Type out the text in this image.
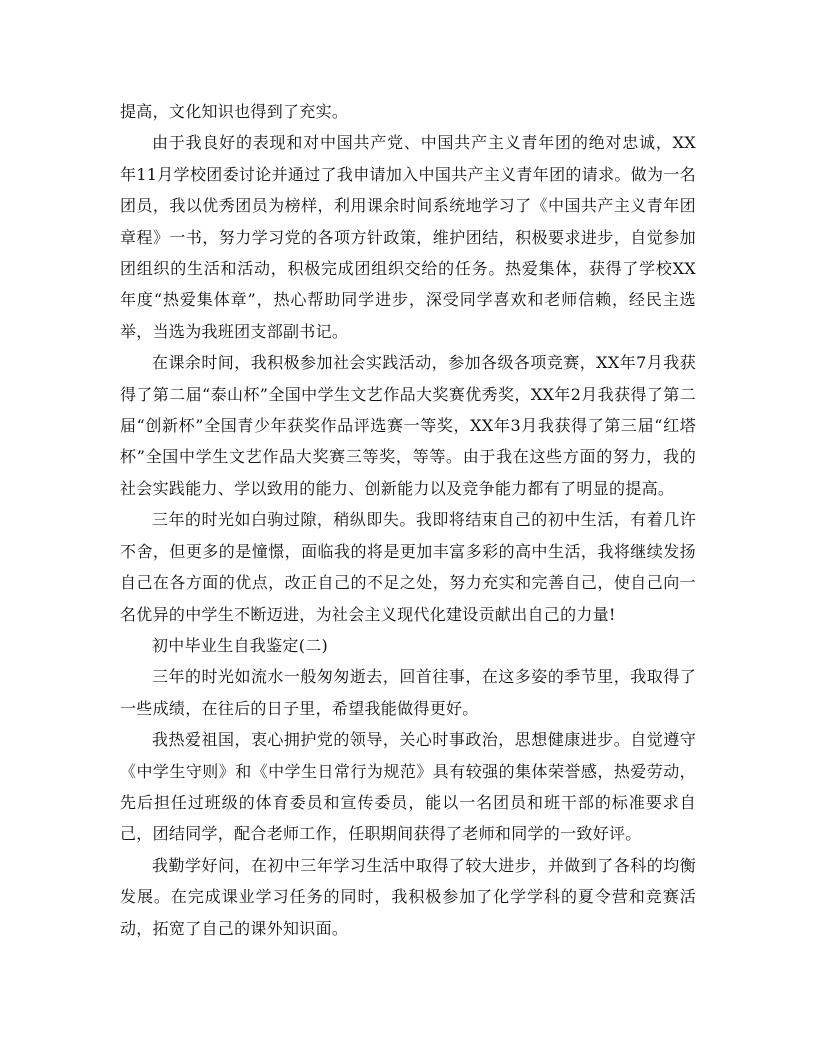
提高，文化知识也得到了充实。

由于我良好的表现和对中国共产党、中国共产主义青年团的绝对忠诚，XX年11月学校团委讨论并通过了我申请加入中国共产主义青年团的请求。做为一名团员，我以优秀团员为榜样，利用课余时间系统地学习了《中国共产主义青年团章程》一书，努力学习党的各项方针政策，维护团结，积极要求进步，自觉参加团组织的生活和活动，积极完成团组织交给的任务。热爱集体，获得了学校XX年度“热爱集体章”，热心帮助同学进步，深受同学喜欢和老师信赖，经民主选举，当选为我班团支部副书记。

在课余时间，我积极参加社会实践活动，参加各级各项竞赛，XX年7月我获得了第二届“泰山杯”全国中学生文艺作品大奖赛优秀奖，XX年2月我获得了第二届“创新杯”全国青少年获奖作品评选赛一等奖，XX年3月我获得了第三届“红塔杯”全国中学生文艺作品大奖赛三等奖，等等。由于我在这些方面的努力，我的社会实践能力、学以致用的能力、创新能力以及竞争能力都有了明显的提高。

三年的时光如白驹过隙，稍纵即失。我即将结束自己的初中生活，有着几许不舍，但更多的是憧憬，面临我的将是更加丰富多彩的高中生活，我将继续发扬自己在各方面的优点，改正自己的不足之处，努力充实和完善自己，使自己向一名优异的中学生不断迈进，为社会主义现代化建设贡献出自己的力量!

初中毕业生自我鉴定(二)

三年的时光如流水一般匆匆逝去，回首往事，在这多姿的季节里，我取得了一些成绩，在往后的日子里，希望我能做得更好。

我热爱祖国，衷心拥护党的领导，关心时事政治，思想健康进步。自觉遵守《中学生守则》和《中学生日常行为规范》具有较强的集体荣誉感，热爱劳动，先后担任过班级的体育委员和宣传委员，能以一名团员和班干部的标准要求自己，团结同学，配合老师工作，任职期间获得了老师和同学的一致好评。

我勤学好问，在初中三年学习生活中取得了较大进步，并做到了各科的均衡发展。在完成课业学习任务的同时，我积极参加了化学学科的夏令营和竞赛活动，拓宽了自己的课外知识面。
